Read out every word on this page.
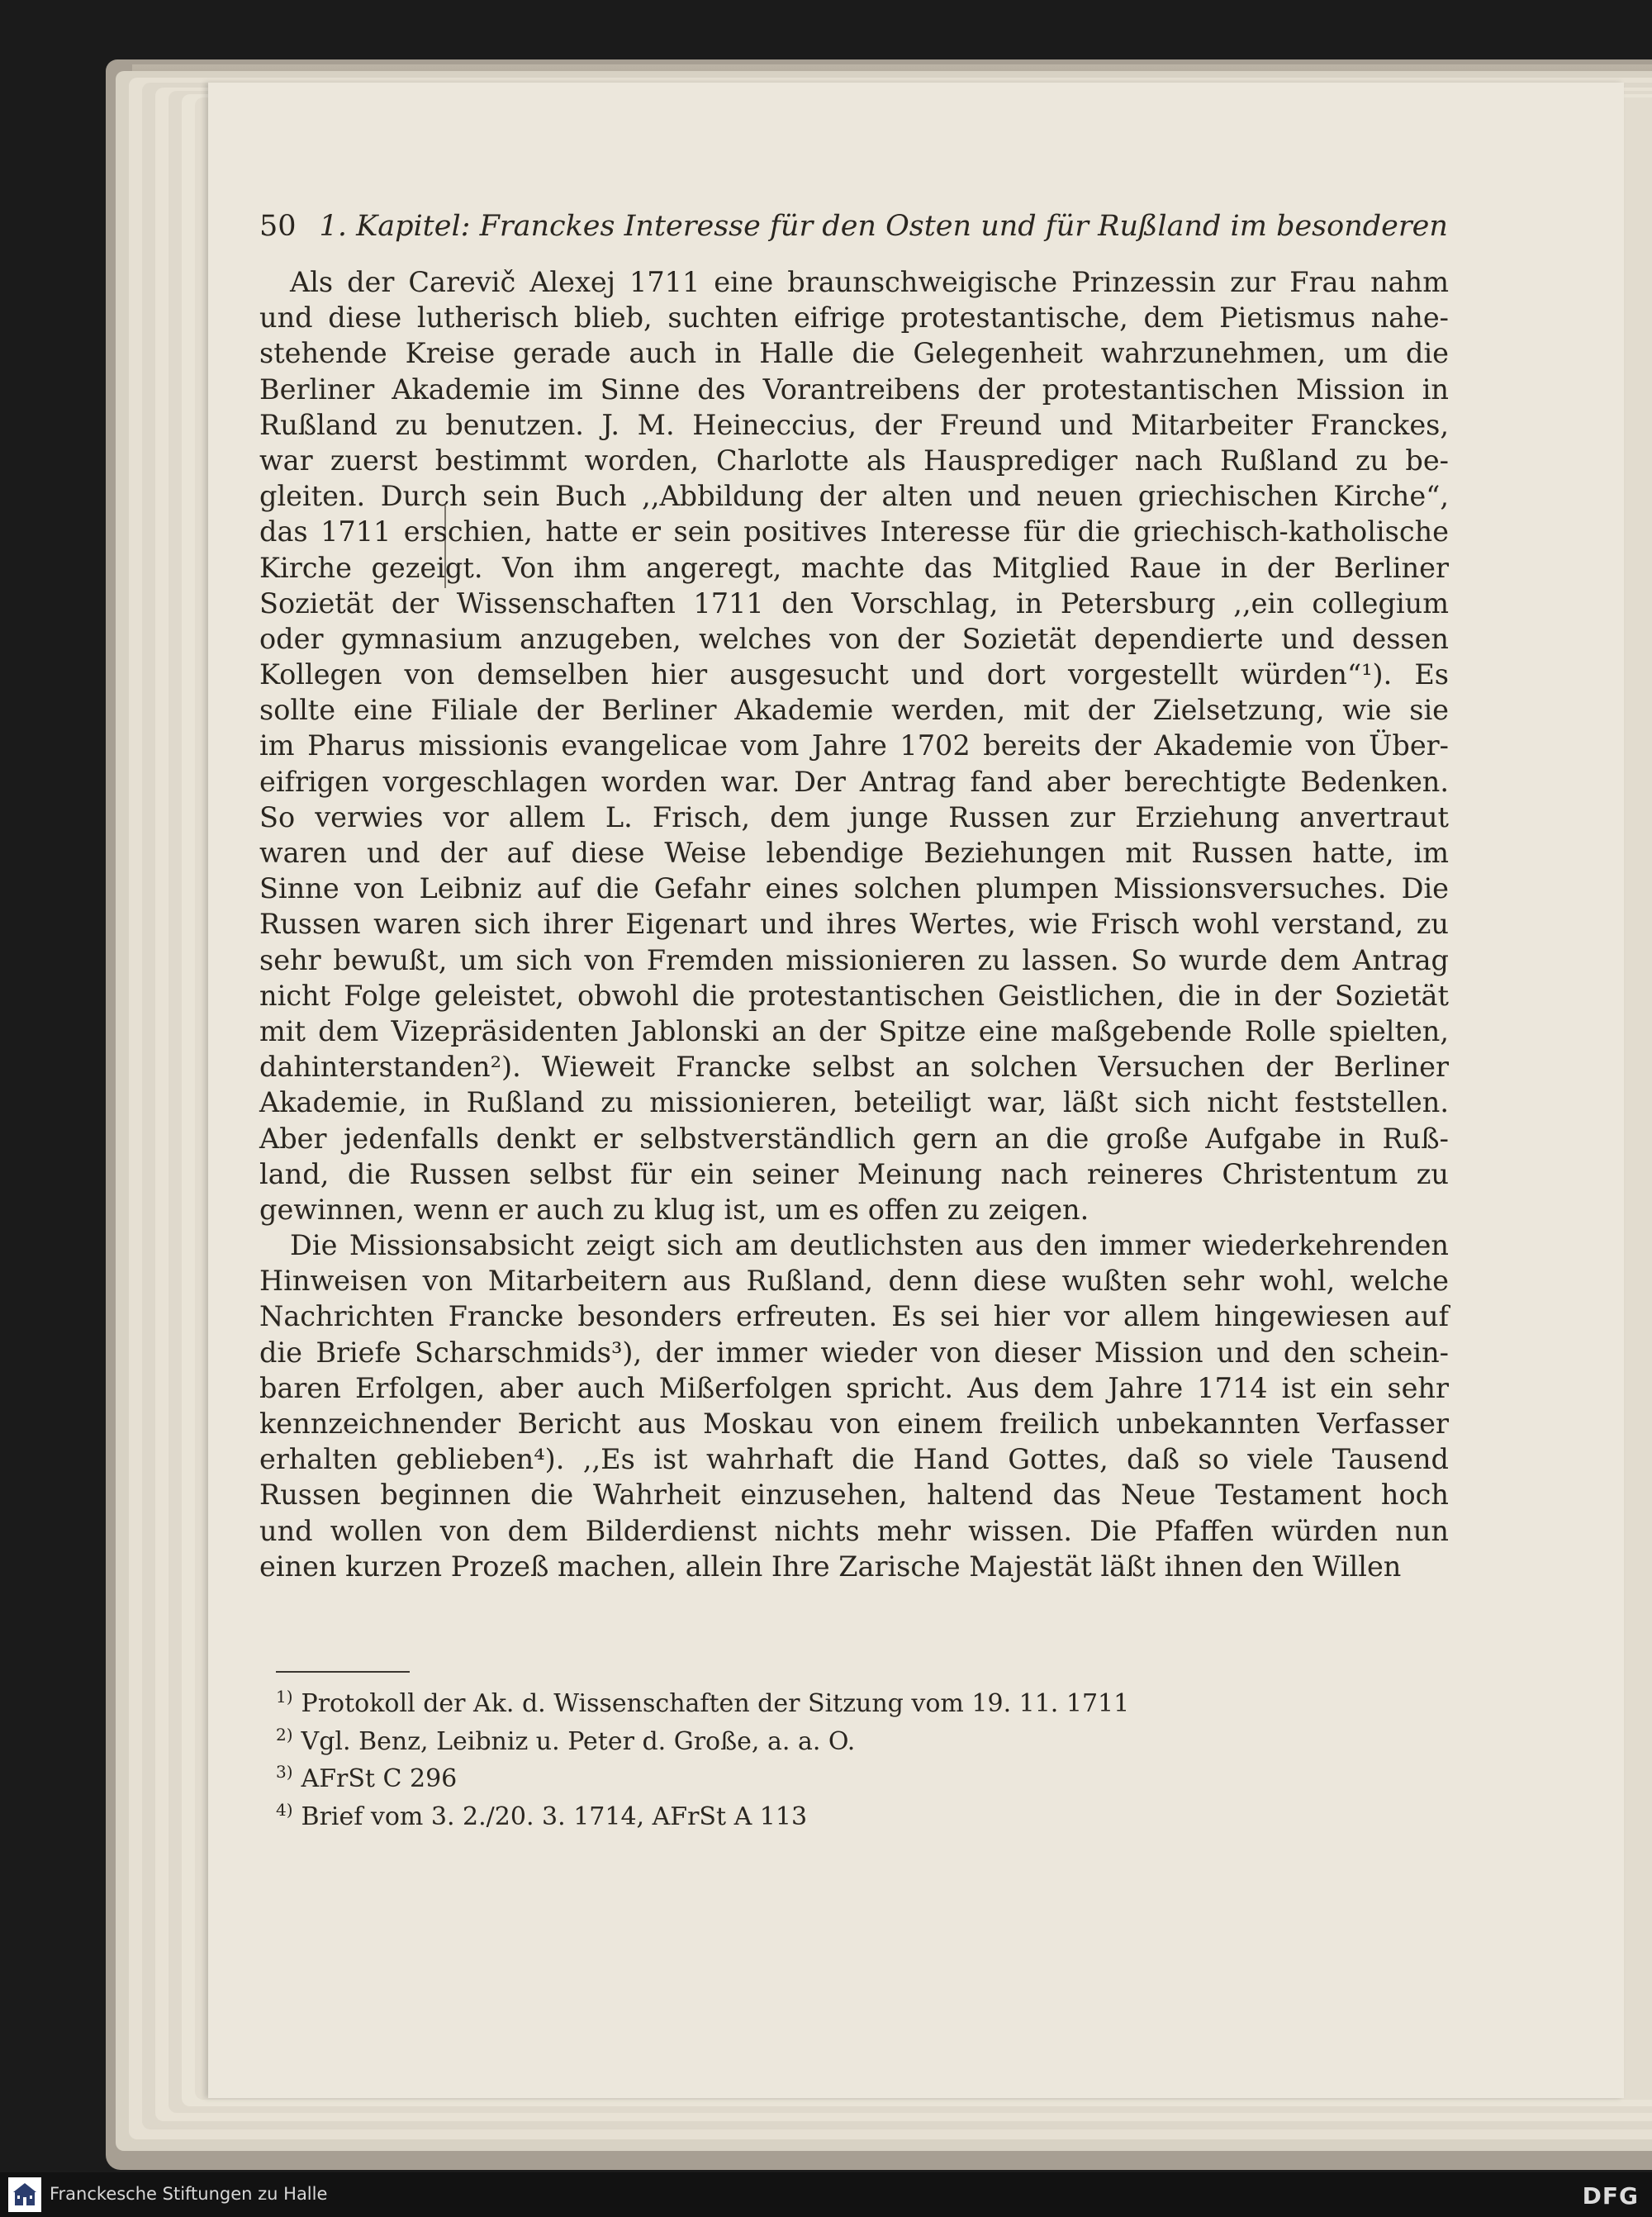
50 1. Kapitel: Franckes Interesse für den Osten und für Rußland im besonderen
Als der Carevič Alexej 1711 eine braunschweigische Prinzessin zur Frau nahm
und diese lutherisch blieb, suchten eifrige protestantische, dem Pietismus nahe-
stehende Kreise gerade auch in Halle die Gelegenheit wahrzunehmen, um die
Berliner Akademie im Sinne des Vorantreibens der protestantischen Mission in
Rußland zu benutzen. J. M. Heineccius, der Freund und Mitarbeiter Franckes,
war zuerst bestimmt worden, Charlotte als Hausprediger nach Rußland zu be-
gleiten. Durch sein Buch ,,Abbildung der alten und neuen griechischen Kirche“,
das 1711 erschien, hatte er sein positives Interesse für die griechisch-katholische
Kirche gezeigt. Von ihm angeregt, machte das Mitglied Raue in der Berliner
Sozietät der Wissenschaften 1711 den Vorschlag, in Petersburg ,,ein collegium
oder gymnasium anzugeben, welches von der Sozietät dependierte und dessen
Kollegen von demselben hier ausgesucht und dort vorgestellt würden“¹). Es
sollte eine Filiale der Berliner Akademie werden, mit der Zielsetzung, wie sie
im Pharus missionis evangelicae vom Jahre 1702 bereits der Akademie von Über-
eifrigen vorgeschlagen worden war. Der Antrag fand aber berechtigte Bedenken.
So verwies vor allem L. Frisch, dem junge Russen zur Erziehung anvertraut
waren und der auf diese Weise lebendige Beziehungen mit Russen hatte, im
Sinne von Leibniz auf die Gefahr eines solchen plumpen Missionsversuches. Die
Russen waren sich ihrer Eigenart und ihres Wertes, wie Frisch wohl verstand, zu
sehr bewußt, um sich von Fremden missionieren zu lassen. So wurde dem Antrag
nicht Folge geleistet, obwohl die protestantischen Geistlichen, die in der Sozietät
mit dem Vizepräsidenten Jablonski an der Spitze eine maßgebende Rolle spielten,
dahinterstanden²). Wieweit Francke selbst an solchen Versuchen der Berliner
Akademie, in Rußland zu missionieren, beteiligt war, läßt sich nicht feststellen.
Aber jedenfalls denkt er selbstverständlich gern an die große Aufgabe in Ruß-
land, die Russen selbst für ein seiner Meinung nach reineres Christentum zu
gewinnen, wenn er auch zu klug ist, um es offen zu zeigen.
Die Missionsabsicht zeigt sich am deutlichsten aus den immer wiederkehrenden
Hinweisen von Mitarbeitern aus Rußland, denn diese wußten sehr wohl, welche
Nachrichten Francke besonders erfreuten. Es sei hier vor allem hingewiesen auf
die Briefe Scharschmids³), der immer wieder von dieser Mission und den schein-
baren Erfolgen, aber auch Mißerfolgen spricht. Aus dem Jahre 1714 ist ein sehr
kennzeichnender Bericht aus Moskau von einem freilich unbekannten Verfasser
erhalten geblieben⁴). ,,Es ist wahrhaft die Hand Gottes, daß so viele Tausend
Russen beginnen die Wahrheit einzusehen, haltend das Neue Testament hoch
und wollen von dem Bilderdienst nichts mehr wissen. Die Pfaffen würden nun
einen kurzen Prozeß machen, allein Ihre Zarische Majestät läßt ihnen den Willen
$^{1)}$ Protokoll der Ak. d. Wissenschaften der Sitzung vom 19. 11. 1711
$^{2)}$ Vgl. Benz, Leibniz u. Peter d. Große, a. a. O.
$^{3)}$ AFrSt C 296
$^{4)}$ Brief vom 3. 2./20. 3. 1714, AFrSt A 113
Franckesche Stiftungen zu Halle	DFG
